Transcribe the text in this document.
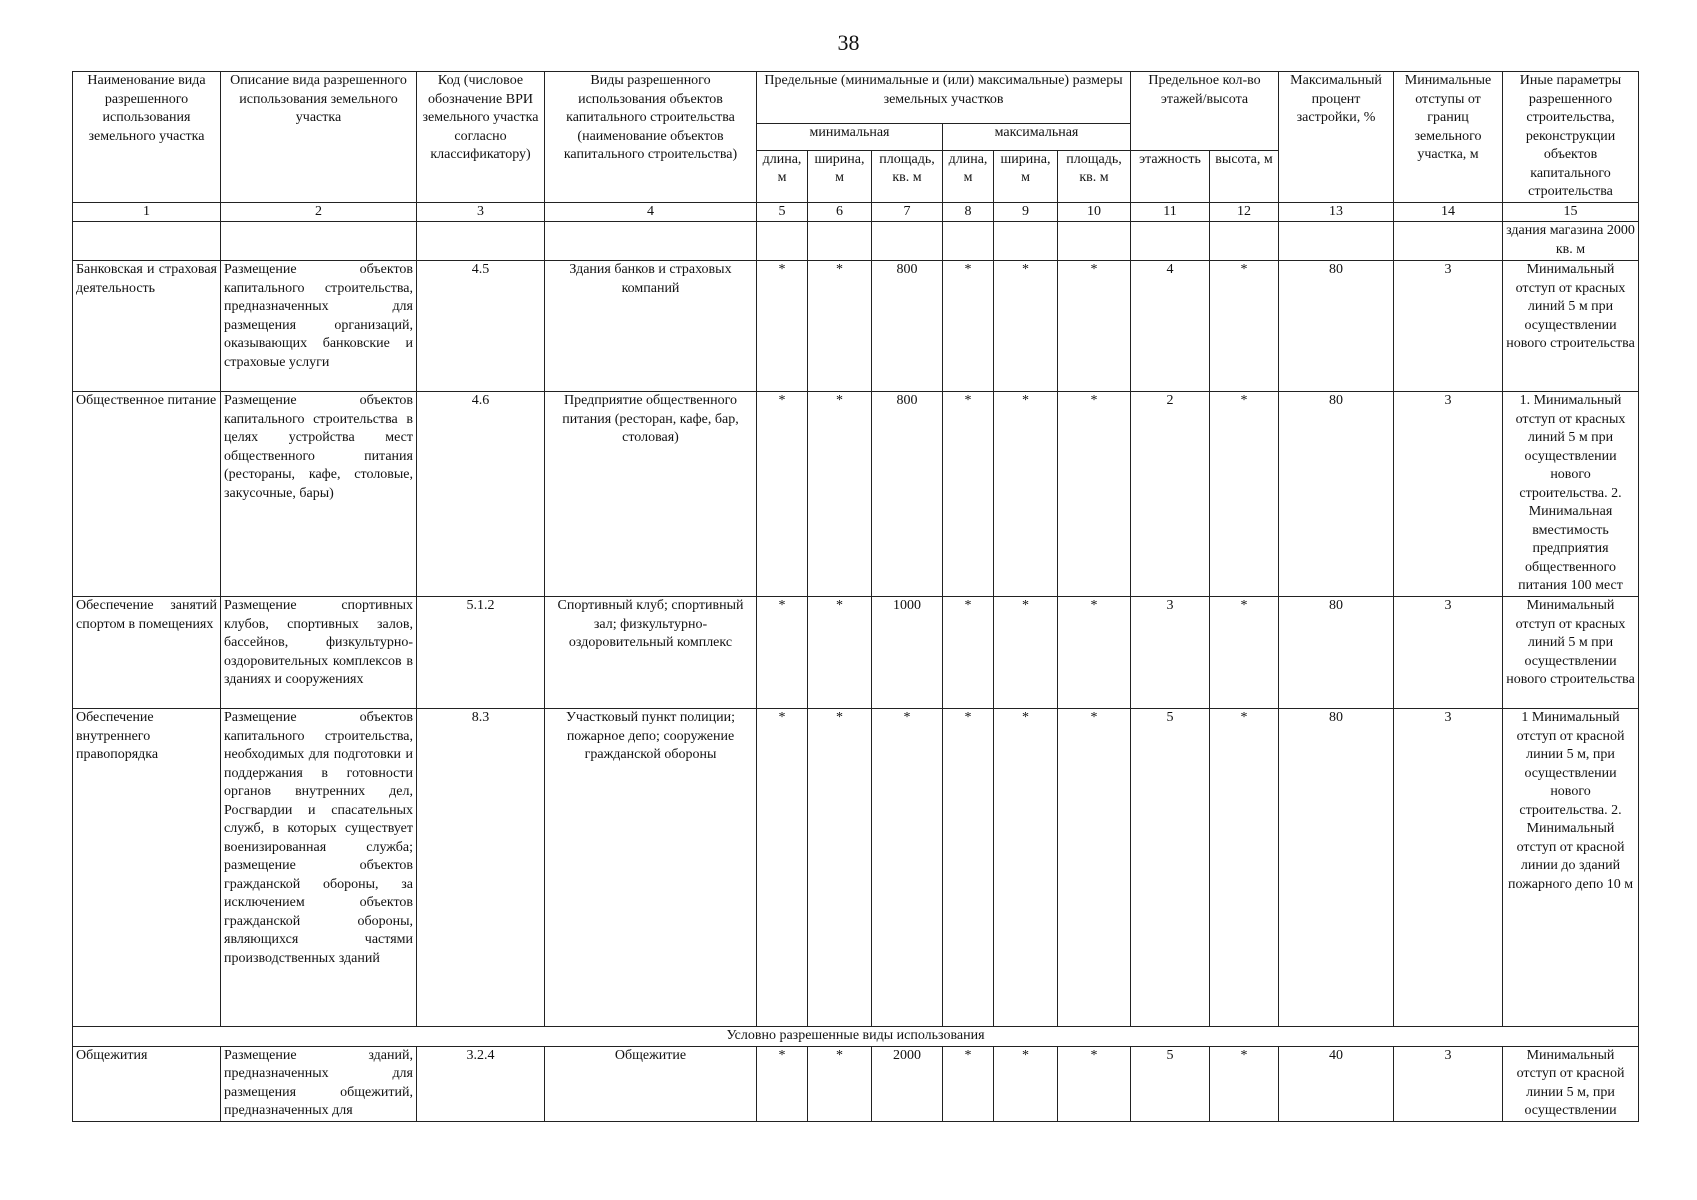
38
Наименование вида разрешенного использования земельного участка	Описание вида разрешенного использования земельного участка	Код (числовое обозначение ВРИ земельного участка согласно классификатору)	Виды разрешенного использования объектов капитального строительства (наименование объектов капитального строительства)	Предельные (минимальные и (или) максимальные) размеры земельных участков						Предельное кол-во этажей/высота		Максимальный процент застройки, %	Минимальные отступы от границ земельного участка, м	Иные параметры разрешенного строительства, реконструкции объектов капитального строительства
				минимальная			максимальная							
				длина, м	ширина, м	площадь, кв. м	длина, м	ширина, м	площадь, кв. м	этажность	высота, м			
1	2	3	4	5	6	7	8	9	10	11	12	13	14	15
														здания магазина 2000 кв. м
Банковская и страховая деятельность	Размещение объектов капитального строительства, предназначенных для размещения организаций, оказывающих банковские и страховые услуги	4.5	Здания банков и страховых компаний	*	*	800	*	*	*	4	*	80	3	Минимальный отступ от красных линий 5 м при осуществлении нового строительства
Общественное питание	Размещение объектов капитального строительства в целях устройства мест общественного питания (рестораны, кафе, столовые, закусочные, бары)	4.6	Предприятие общественного питания (ресторан, кафе, бар, столовая)	*	*	800	*	*	*	2	*	80	3	1. Минимальный отступ от красных линий 5 м при осуществлении нового строительства. 2. Минимальная вместимость предприятия общественного питания 100 мест
Обеспечение занятий спортом в помещениях	Размещение спортивных клубов, спортивных залов, бассейнов, физкультурно-оздоровительных комплексов в зданиях и сооружениях	5.1.2	Спортивный клуб; спортивный зал; физкультурно-оздоровительный комплекс	*	*	1000	*	*	*	3	*	80	3	Минимальный отступ от красных линий 5 м при осуществлении нового строительства
Обеспечение внутреннего правопорядка	Размещение объектов капитального строительства, необходимых для подготовки и поддержания в готовности органов внутренних дел, Росгвардии и спасательных служб, в которых существует военизированная служба; размещение объектов гражданской обороны, за исключением объектов гражданской обороны, являющихся частями производственных зданий	8.3	Участковый пункт полиции; пожарное депо; сооружение гражданской обороны	*	*	*	*	*	*	5	*	80	3	1 Минимальный отступ от красной линии 5 м, при осуществлении нового строительства. 2. Минимальный отступ от красной линии до зданий пожарного депо 10 м
Условно разрешенные виды использования														
Общежития	Размещение зданий, предназначенных для размещения общежитий, предназначенных для	3.2.4	Общежитие	*	*	2000	*	*	*	5	*	40	3	Минимальный отступ от красной линии 5 м, при осуществлении
